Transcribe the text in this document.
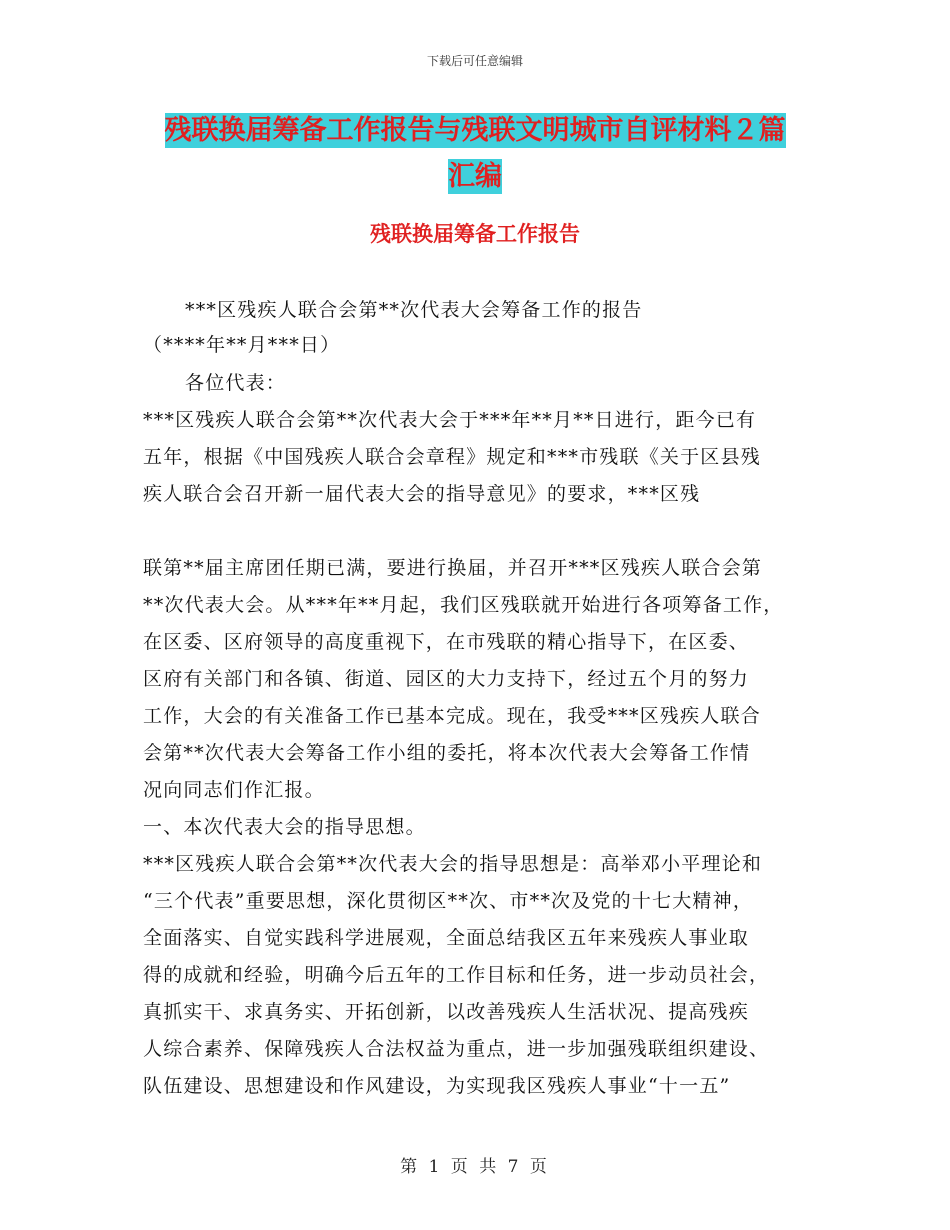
下载后可任意编辑
残联换届筹备工作报告与残联文明城市自评材料２篇
汇编
残联换届筹备工作报告
***区残疾人联合会第**次代表大会筹备工作的报告
（****年**月***日）
各位代表：
***区残疾人联合会第**次代表大会于***年**月**日进行，距今已有
五年，根据《中国残疾人联合会章程》规定和***市残联《关于区县残
疾人联合会召开新一届代表大会的指导意见》的要求，***区残
联第**届主席团任期已满，要进行换届，并召开***区残疾人联合会第
**次代表大会。从***年**月起，我们区残联就开始进行各项筹备工作，
在区委、区府领导的高度重视下，在市残联的精心指导下，在区委、
区府有关部门和各镇、街道、园区的大力支持下，经过五个月的努力
工作，大会的有关准备工作已基本完成。现在，我受***区残疾人联合
会第**次代表大会筹备工作小组的委托，将本次代表大会筹备工作情
况向同志们作汇报。
一、本次代表大会的指导思想。
***区残疾人联合会第**次代表大会的指导思想是：高举邓小平理论和
“三个代表”重要思想，深化贯彻区**次、市**次及党的十七大精神，
全面落实、自觉实践科学进展观，全面总结我区五年来残疾人事业取
得的成就和经验，明确今后五年的工作目标和任务，进一步动员社会，
真抓实干、求真务实、开拓创新，以改善残疾人生活状况、提高残疾
人综合素养、保障残疾人合法权益为重点，进一步加强残联组织建设、
队伍建设、思想建设和作风建设，为实现我区残疾人事业“十一五”
第 1 页 共 7 页
